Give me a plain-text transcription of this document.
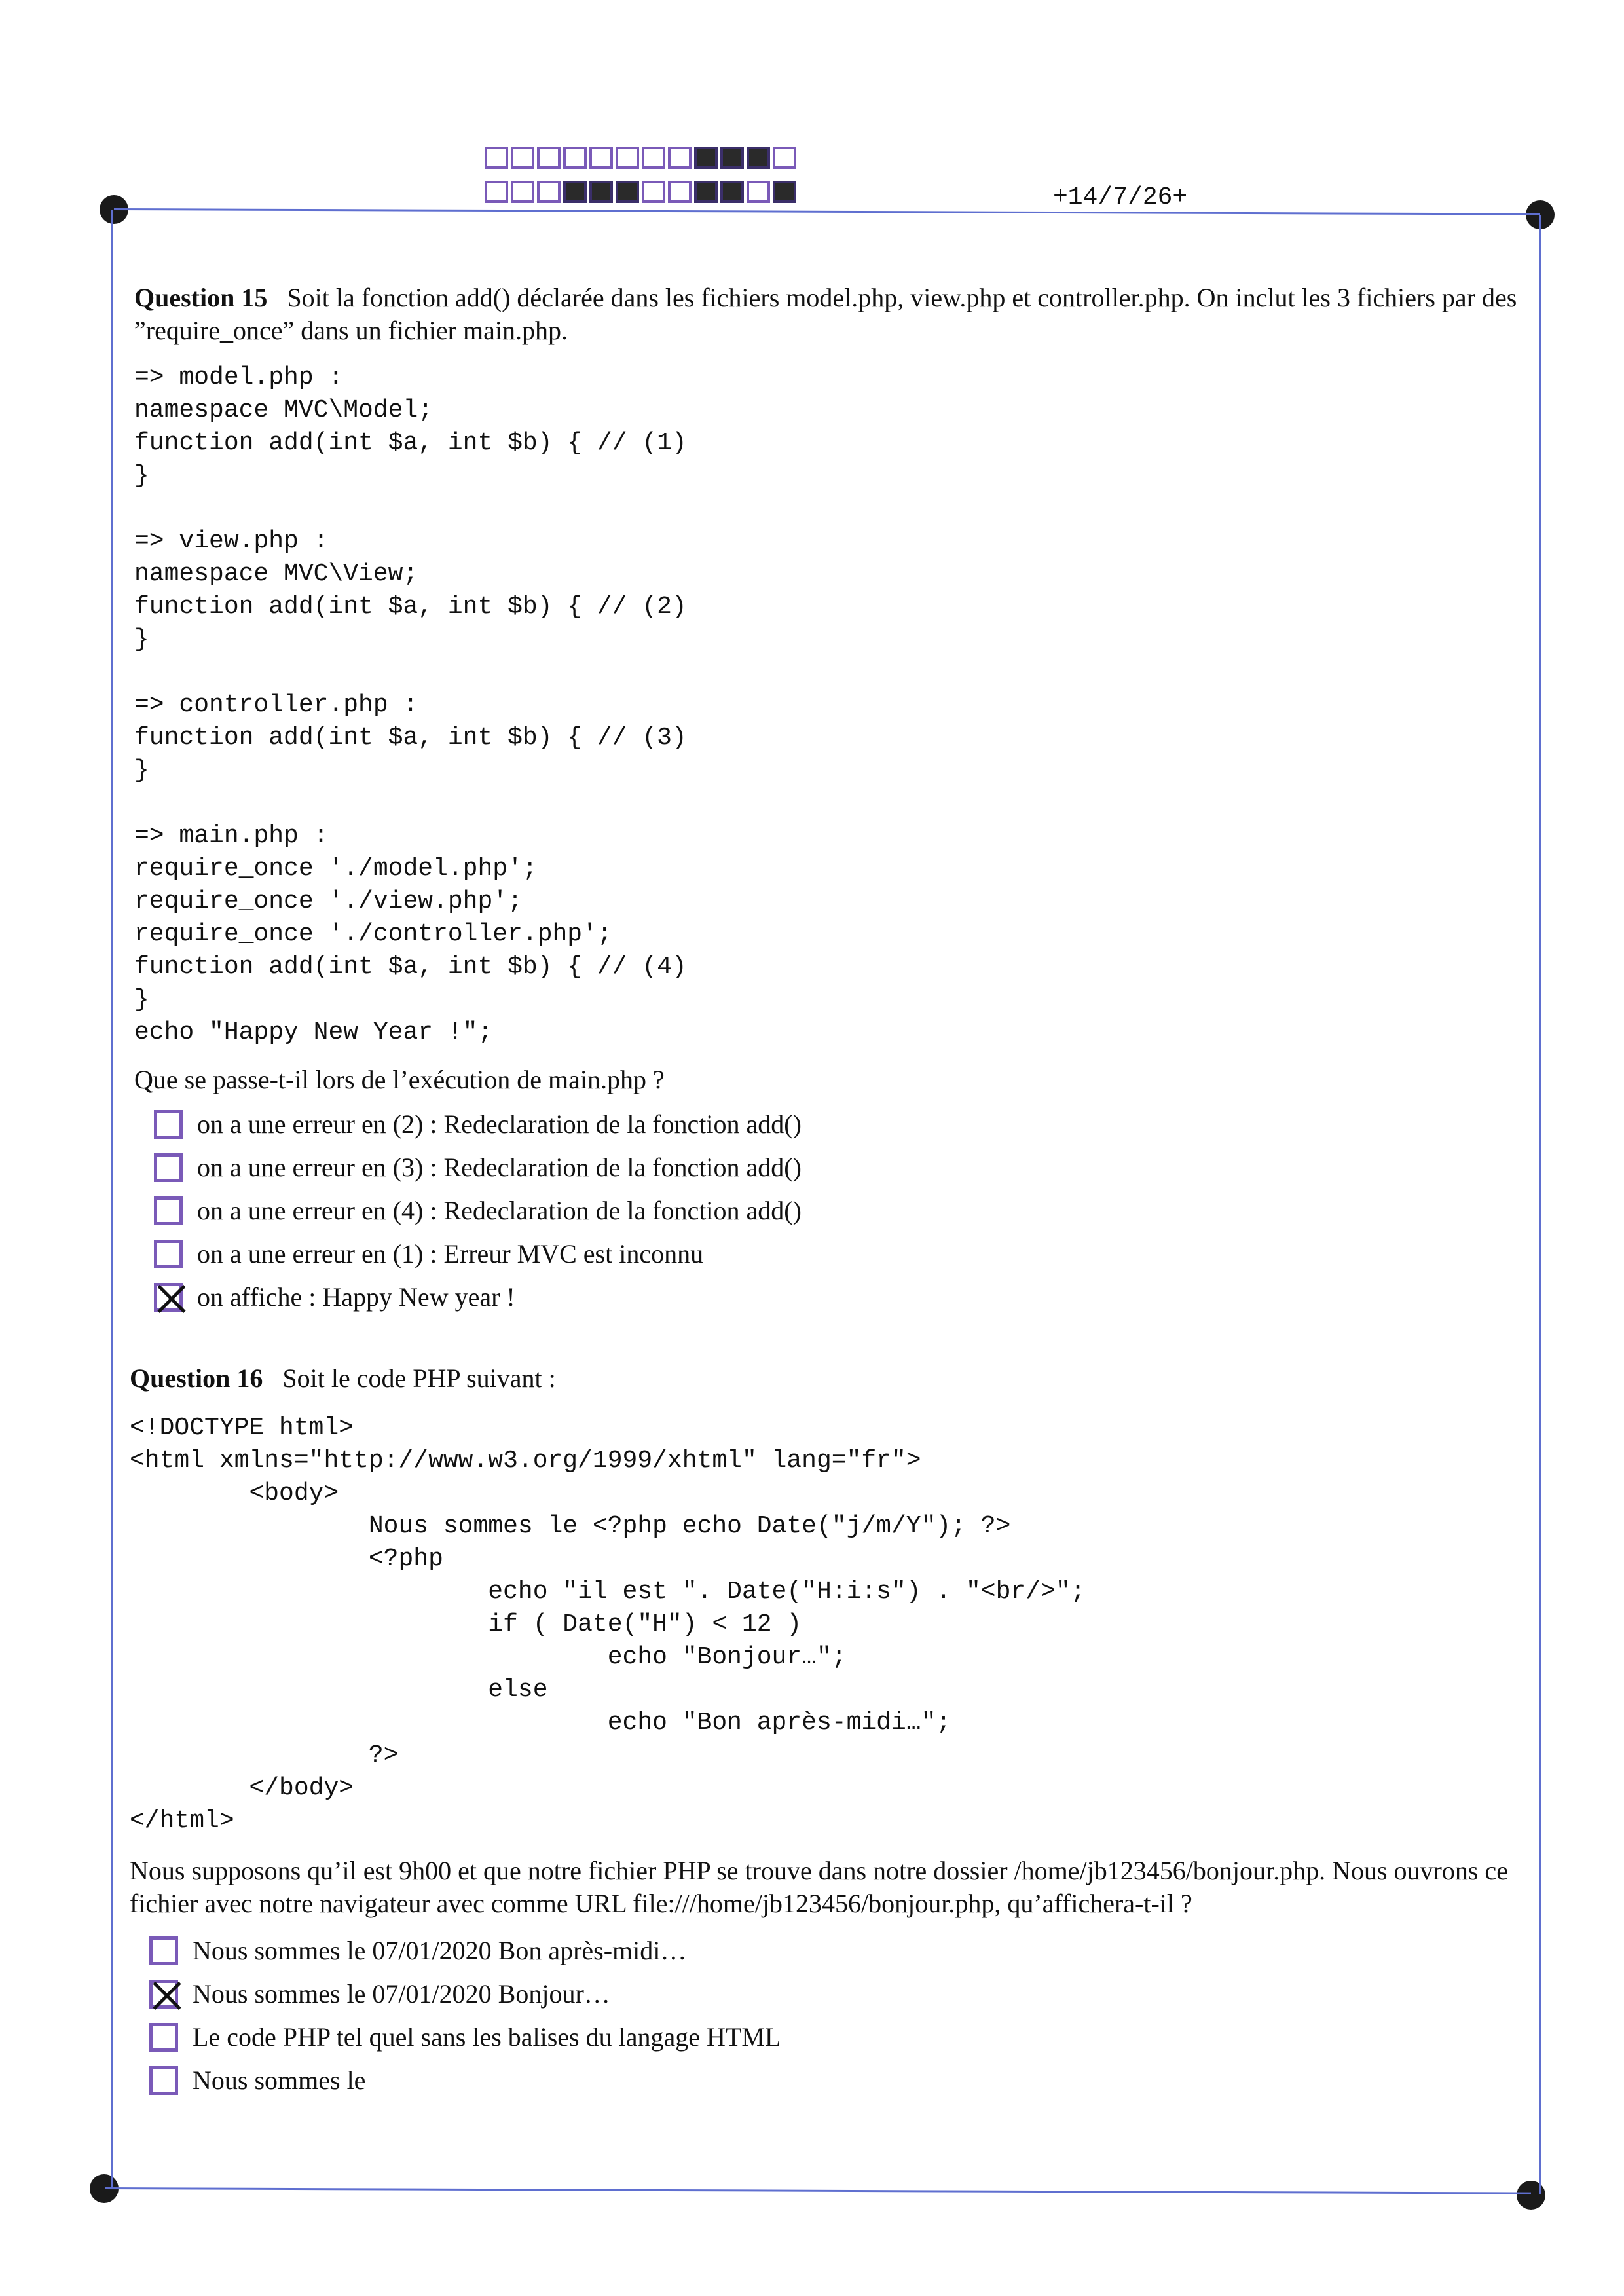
+14/7/26+

Question 15 Soit la fonction add() déclarée dans les fichiers model.php, view.php et controller.php. On inclut les 3 fichiers par des ”require_once” dans un fichier main.php.

=> model.php :
namespace MVC\Model;
function add(int $a, int $b) { // (1)
}

=> view.php :
namespace MVC\View;
function add(int $a, int $b) { // (2)
}

=> controller.php :
function add(int $a, int $b) { // (3)
}

=> main.php :
require_once './model.php';
require_once './view.php';
require_once './controller.php';
function add(int $a, int $b) { // (4)
}
echo "Happy New Year !";

Que se passe-t-il lors de l’exécution de main.php ?

on a une erreur en (2) : Redeclaration de la fonction add()
on a une erreur en (3) : Redeclaration de la fonction add()
on a une erreur en (4) : Redeclaration de la fonction add()
on a une erreur en (1) : Erreur MVC est inconnu
on affiche : Happy New year !

Question 16 Soit le code PHP suivant :

<!DOCTYPE html>
<html xmlns="http://www.w3.org/1999/xhtml" lang="fr">
<body>
Nous sommes le <?php echo Date("j/m/Y"); ?>
<?php
echo "il est ". Date("H:i:s") . "<br/>";
if ( Date("H") < 12 )
echo "Bonjour…";
else
echo "Bon après-midi…";
?>
</body>
</html>

Nous supposons qu’il est 9h00 et que notre fichier PHP se trouve dans notre dossier /home/jb123456/bonjour.php. Nous ouvrons ce fichier avec notre navigateur avec comme URL file:///home/jb123456/bonjour.php, qu’affichera-t-il ?

Nous sommes le 07/01/2020 Bon après-midi…
Nous sommes le 07/01/2020 Bonjour…
Le code PHP tel quel sans les balises du langage HTML
Nous sommes le
